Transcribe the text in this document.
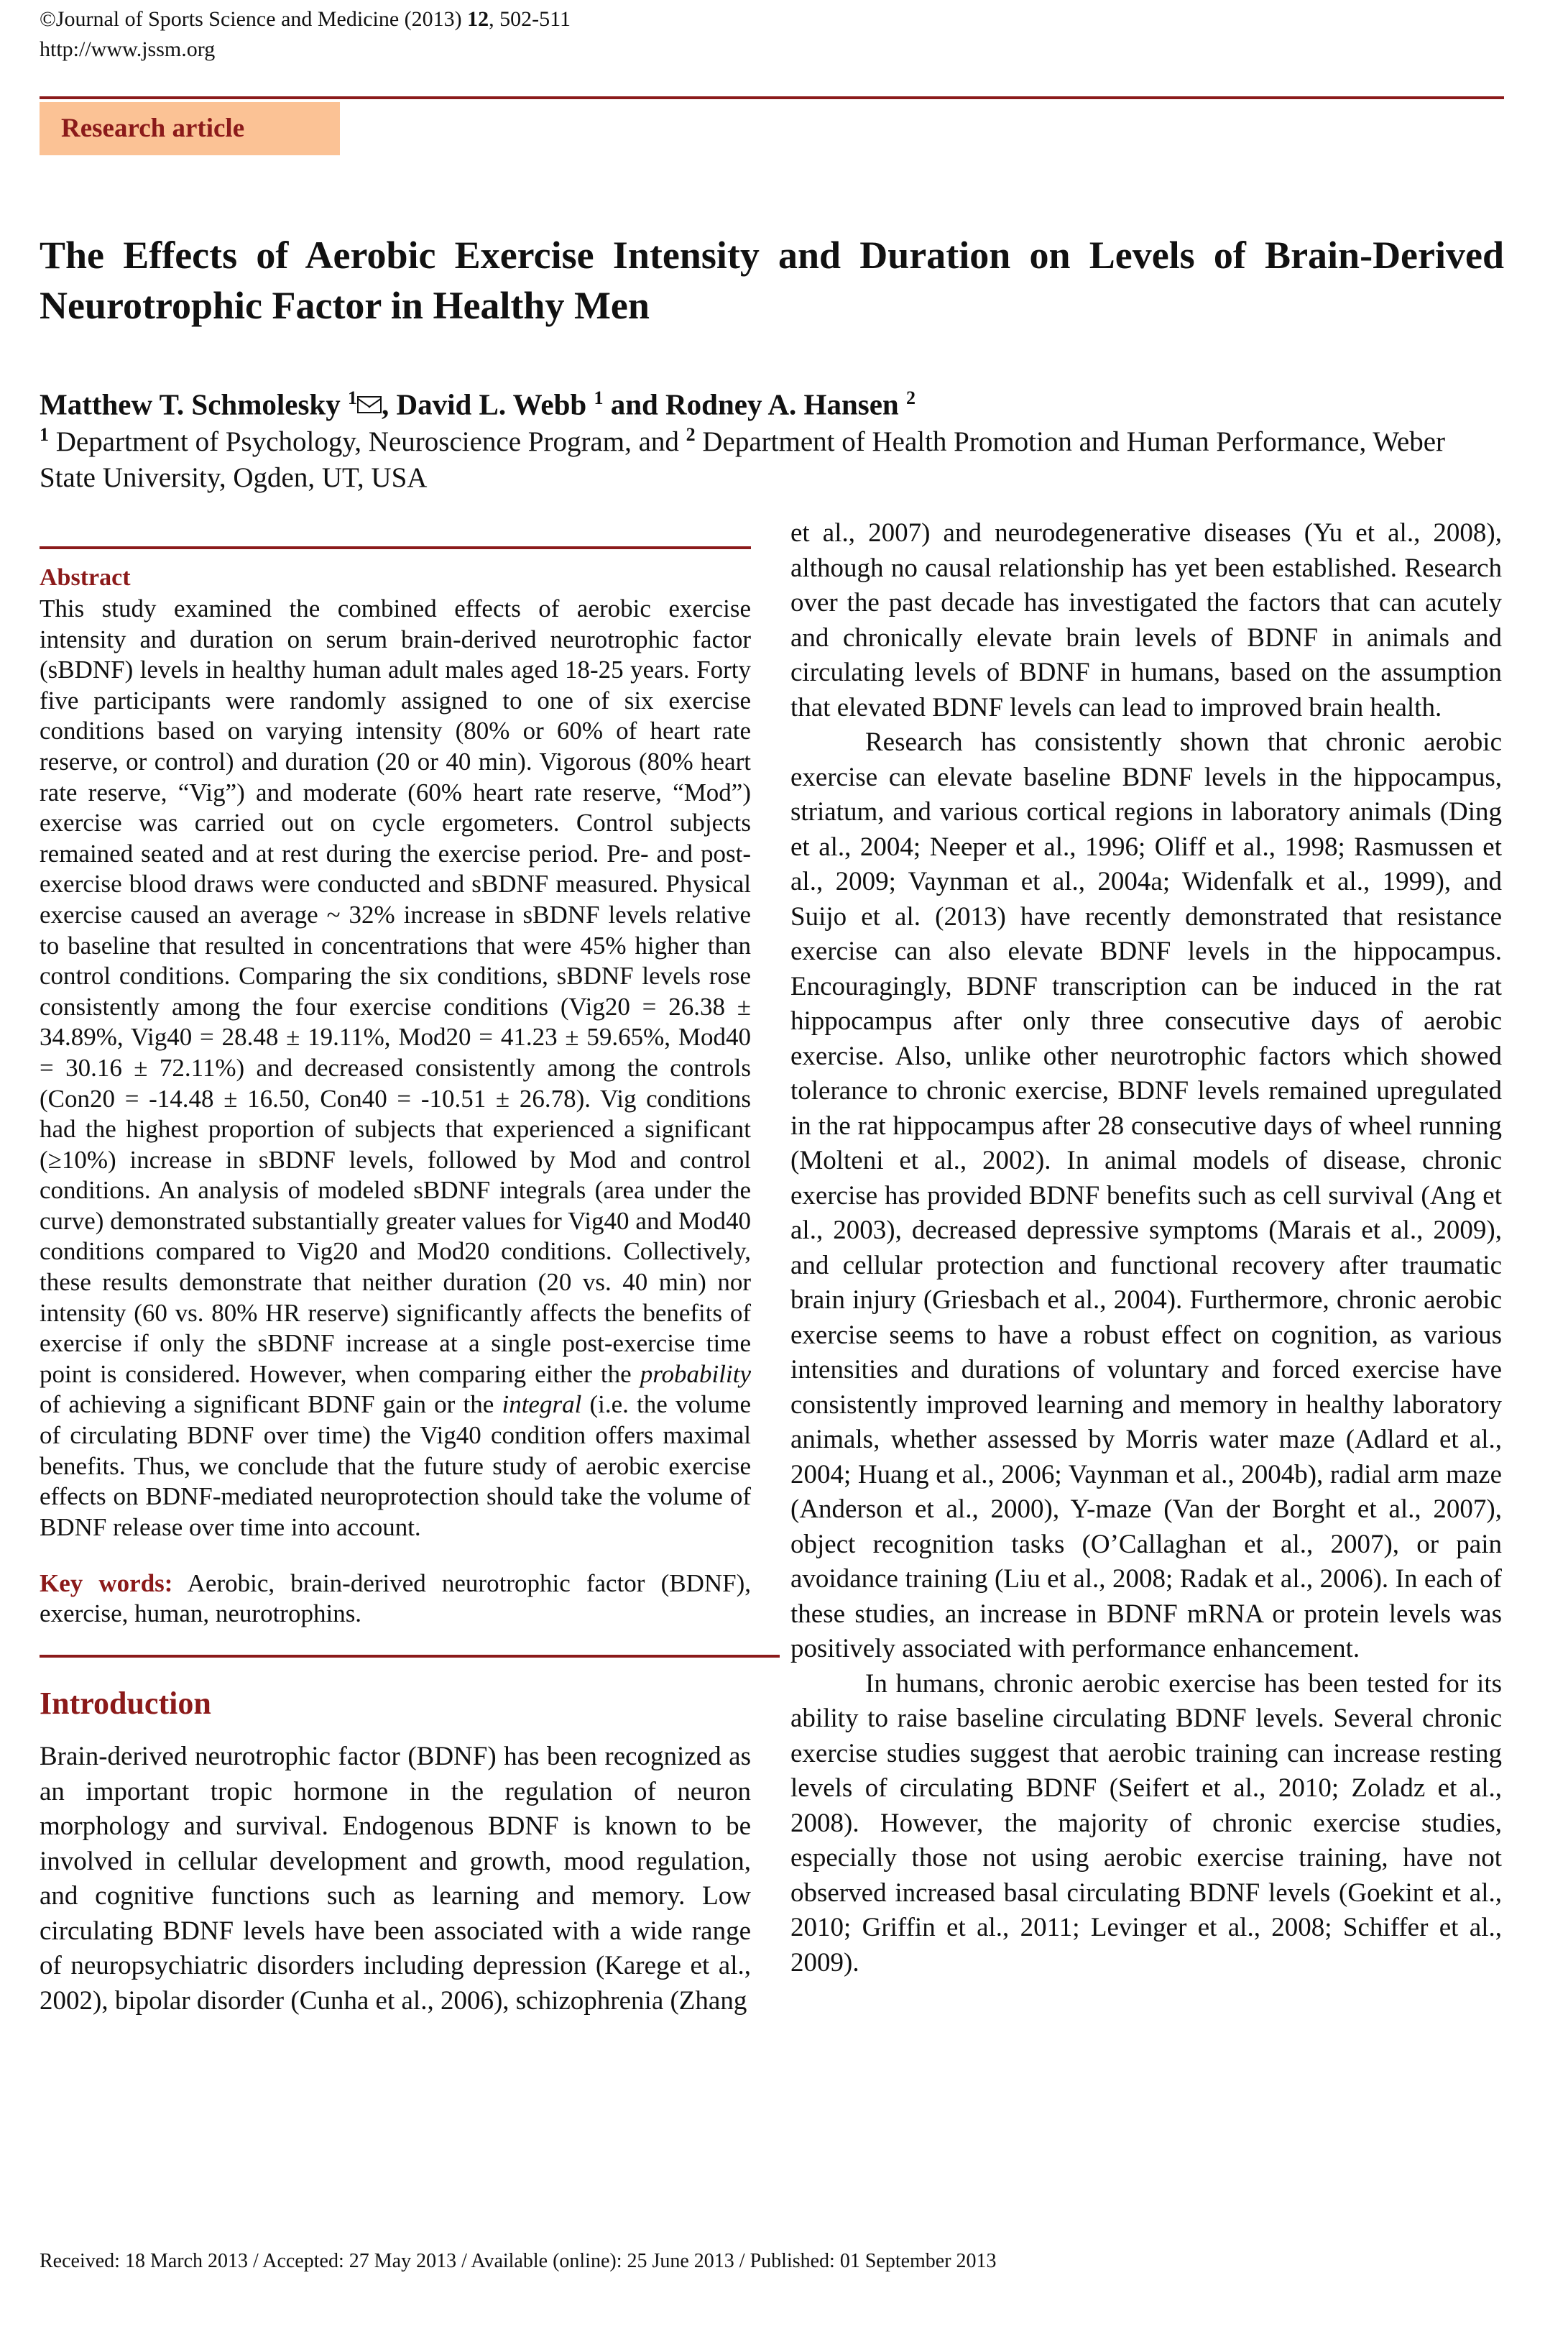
©Journal of Sports Science and Medicine (2013) 12, 502-511
http://www.jssm.org
Research article
The Effects of Aerobic Exercise Intensity and Duration on Levels of Brain-Derived Neurotrophic Factor in Healthy Men
Matthew T. Schmolesky $^1$ , David L. Webb $^1$ and Rodney A. Hansen $^2$
$^1$ Department of Psychology, Neuroscience Program, and $^2$ Department of Health Promotion and Human Performance, Weber State University, Ogden, UT, USA
Abstract

This study examined the combined effects of aerobic exercise intensity and duration on serum brain-derived neurotrophic factor (sBDNF) levels in healthy human adult males aged 18-25 years. Forty five participants were randomly assigned to one of six exercise conditions based on varying intensity (80% or 60% of heart rate reserve, or control) and duration (20 or 40 min). Vigorous (80% heart rate reserve, “Vig”) and moderate (60% heart rate reserve, “Mod”) exercise was carried out on cycle ergometers. Control subjects remained seated and at rest during the exercise period. Pre- and post-exercise blood draws were conducted and sBDNF measured. Physical exercise caused an average ~ 32% increase in sBDNF levels relative to baseline that resulted in concentrations that were 45% higher than control conditions. Comparing the six conditions, sBDNF levels rose consistently among the four exercise conditions (Vig20 = 26.38 ± 34.89%, Vig40 = 28.48 ± 19.11%, Mod20 = 41.23 ± 59.65%, Mod40 = 30.16 ± 72.11%) and decreased consistently among the controls (Con20 = -14.48 ± 16.50, Con40 = -10.51 ± 26.78). Vig conditions had the highest proportion of subjects that experienced a significant (≥10%) increase in sBDNF levels, followed by Mod and control conditions. An analysis of modeled sBDNF integrals (area under the curve) demonstrated substantially greater values for Vig40 and Mod40 conditions compared to Vig20 and Mod20 conditions. Collectively, these results demonstrate that neither duration (20 vs. 40 min) nor intensity (60 vs. 80% HR reserve) significantly affects the benefits of exercise if only the sBDNF increase at a single post-exercise time point is considered. However, when comparing either the probability of achieving a significant BDNF gain or the integral (i.e. the volume of circulating BDNF over time) the Vig40 condition offers maximal benefits. Thus, we conclude that the future study of aerobic exercise effects on BDNF-mediated neuroprotection should take the volume of BDNF release over time into account.

Key words: Aerobic, brain-derived neurotrophic factor (BDNF), exercise, human, neurotrophins.

Introduction

Brain-derived neurotrophic factor (BDNF) has been recognized as an important tropic hormone in the regulation of neuron morphology and survival. Endogenous BDNF is known to be involved in cellular development and growth, mood regulation, and cognitive functions such as learning and memory. Low circulating BDNF levels have been associated with a wide range of neuropsychiatric disorders including depression (Karege et al., 2002), bipolar disorder (Cunha et al., 2006), schizophrenia (Zhang

et al., 2007) and neurodegenerative diseases (Yu et al., 2008), although no causal relationship has yet been established. Research over the past decade has investigated the factors that can acutely and chronically elevate brain levels of BDNF in animals and circulating levels of BDNF in humans, based on the assumption that elevated BDNF levels can lead to improved brain health.

Research has consistently shown that chronic aerobic exercise can elevate baseline BDNF levels in the hippocampus, striatum, and various cortical regions in laboratory animals (Ding et al., 2004; Neeper et al., 1996; Oliff et al., 1998; Rasmussen et al., 2009; Vaynman et al., 2004a; Widenfalk et al., 1999), and Suijo et al. (2013) have recently demonstrated that resistance exercise can also elevate BDNF levels in the hippocampus. Encouragingly, BDNF transcription can be induced in the rat hippocampus after only three consecutive days of aerobic exercise. Also, unlike other neurotrophic factors which showed tolerance to chronic exercise, BDNF levels remained upregulated in the rat hippocampus after 28 consecutive days of wheel running (Molteni et al., 2002). In animal models of disease, chronic exercise has provided BDNF benefits such as cell survival (Ang et al., 2003), decreased depressive symptoms (Marais et al., 2009), and cellular protection and functional recovery after traumatic brain injury (Griesbach et al., 2004). Furthermore, chronic aerobic exercise seems to have a robust effect on cognition, as various intensities and durations of voluntary and forced exercise have consistently improved learning and memory in healthy laboratory animals, whether assessed by Morris water maze (Adlard et al., 2004; Huang et al., 2006; Vaynman et al., 2004b), radial arm maze (Anderson et al., 2000), Y-maze (Van der Borght et al., 2007), object recognition tasks (O’Callaghan et al., 2007), or pain avoidance training (Liu et al., 2008; Radak et al., 2006). In each of these studies, an increase in BDNF mRNA or protein levels was positively associated with performance enhancement.

In humans, chronic aerobic exercise has been tested for its ability to raise baseline circulating BDNF levels. Several chronic exercise studies suggest that aerobic training can increase resting levels of circulating BDNF (Seifert et al., 2010; Zoladz et al., 2008). However, the majority of chronic exercise studies, especially those not using aerobic exercise training, have not observed increased basal circulating BDNF levels (Goekint et al., 2010; Griffin et al., 2011; Levinger et al., 2008; Schiffer et al., 2009).

Received: 18 March 2013 / Accepted: 27 May 2013 / Available (online): 25 June 2013 / Published: 01 September 2013
